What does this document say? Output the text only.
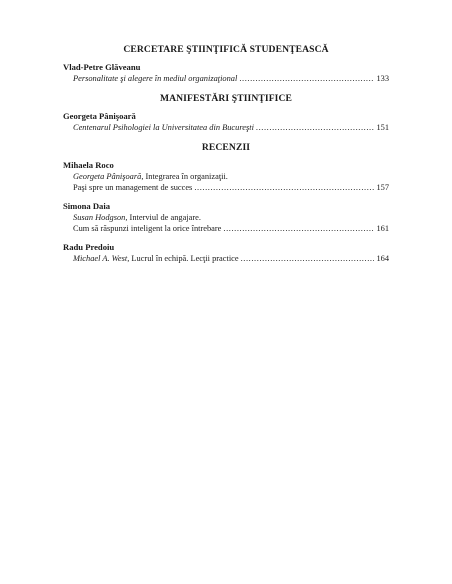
CERCETARE ŞTIINŢIFICĂ STUDENŢEASCĂ

Vlad-Petre Glăveanu

Personalitate şi alegere în mediul organizaţional .....	133

MANIFESTĂRI ŞTIINŢIFICE

Georgeta Pânişoară

Centenarul Psihologiei la Universitatea din Bucureşti .....	151

RECENZII

Mihaela Roco

Georgeta Pânişoară, Integrarea în organizaţii.
Paşi spre un management de succes .....	157

Simona Daia

Susan Hodgson, Interviul de angajare.
Cum să răspunzi inteligent la orice întrebare .....	161

Radu Predoiu

Michael A. West, Lucrul în echipă. Lecţii practice .....	164
